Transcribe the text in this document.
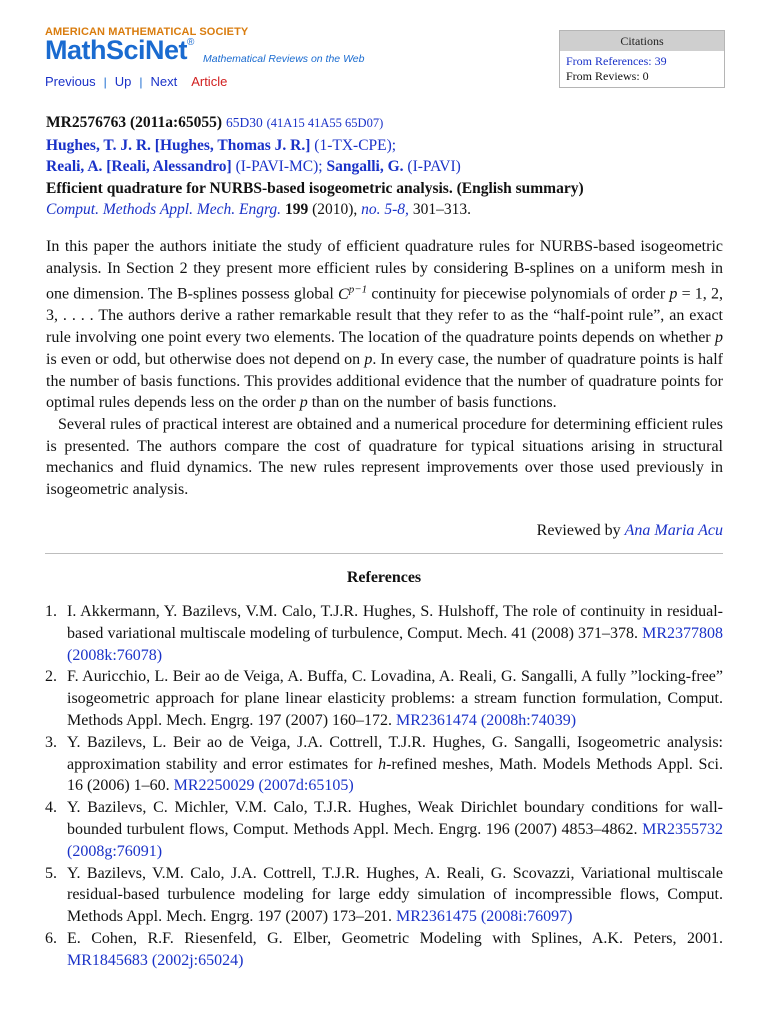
AMERICAN MATHEMATICAL SOCIETY
MathSciNet®
Mathematical Reviews on the Web
Previous | Up | Next Article
Citations
From References: 39
From Reviews: 0
MR2576763 (2011a:65055) 65D30 (41A15 41A55 65D07)
Hughes, T. J. R. [Hughes, Thomas J. R.] (1-TX-CPE);
Reali, A. [Reali, Alessandro] (I-PAVI-MC); Sangalli, G. (I-PAVI)
Efficient quadrature for NURBS-based isogeometric analysis. (English summary)
Comput. Methods Appl. Mech. Engrg. 199 (2010), no. 5-8, 301–313.

In this paper the authors initiate the study of efficient quadrature rules for NURBS-based isogeometric analysis. In Section 2 they present more efficient rules by considering B-splines on a uniform mesh in one dimension. The B-splines possess global $C^{p-1}$ continuity for piecewise polynomials of order p = 1, 2, 3, . . . . The authors derive a rather remarkable result that they refer to as the “half-point rule”, an exact rule involving one point every two elements. The location of the quadrature points depends on whether p is even or odd, but otherwise does not depend on p. In every case, the number of quadrature points is half the number of basis functions. This provides additional evidence that the number of quadrature points for optimal rules depends less on the order p than on the number of basis functions.

Several rules of practical interest are obtained and a numerical procedure for determining efficient rules is presented. The authors compare the cost of quadrature for typical situations arising in structural mechanics and fluid dynamics. The new rules represent improvements over those used previously in isogeometric analysis.

Reviewed by Ana Maria Acu
References
1. I. Akkermann, Y. Bazilevs, V.M. Calo, T.J.R. Hughes, S. Hulshoff, The role of continuity in residual-based variational multiscale modeling of turbulence, Comput. Mech. 41 (2008) 371–378. MR2377808 (2008k:76078)
2. F. Auricchio, L. Beir ao de Veiga, A. Buffa, C. Lovadina, A. Reali, G. Sangalli, A fully ”locking-free” isogeometric approach for plane linear elasticity problems: a stream function formulation, Comput. Methods Appl. Mech. Engrg. 197 (2007) 160–172. MR2361474 (2008h:74039)
3. Y. Bazilevs, L. Beir ao de Veiga, J.A. Cottrell, T.J.R. Hughes, G. Sangalli, Isogeometric analysis: approximation stability and error estimates for h-refined meshes, Math. Models Methods Appl. Sci. 16 (2006) 1–60. MR2250029 (2007d:65105)
4. Y. Bazilevs, C. Michler, V.M. Calo, T.J.R. Hughes, Weak Dirichlet boundary conditions for wall-bounded turbulent flows, Comput. Methods Appl. Mech. Engrg. 196 (2007) 4853–4862. MR2355732 (2008g:76091)
5. Y. Bazilevs, V.M. Calo, J.A. Cottrell, T.J.R. Hughes, A. Reali, G. Scovazzi, Variational multiscale residual-based turbulence modeling for large eddy simulation of incompressible flows, Comput. Methods Appl. Mech. Engrg. 197 (2007) 173–201. MR2361475 (2008i:76097)
6. E. Cohen, R.F. Riesenfeld, G. Elber, Geometric Modeling with Splines, A.K. Peters, 2001. MR1845683 (2002j:65024)
